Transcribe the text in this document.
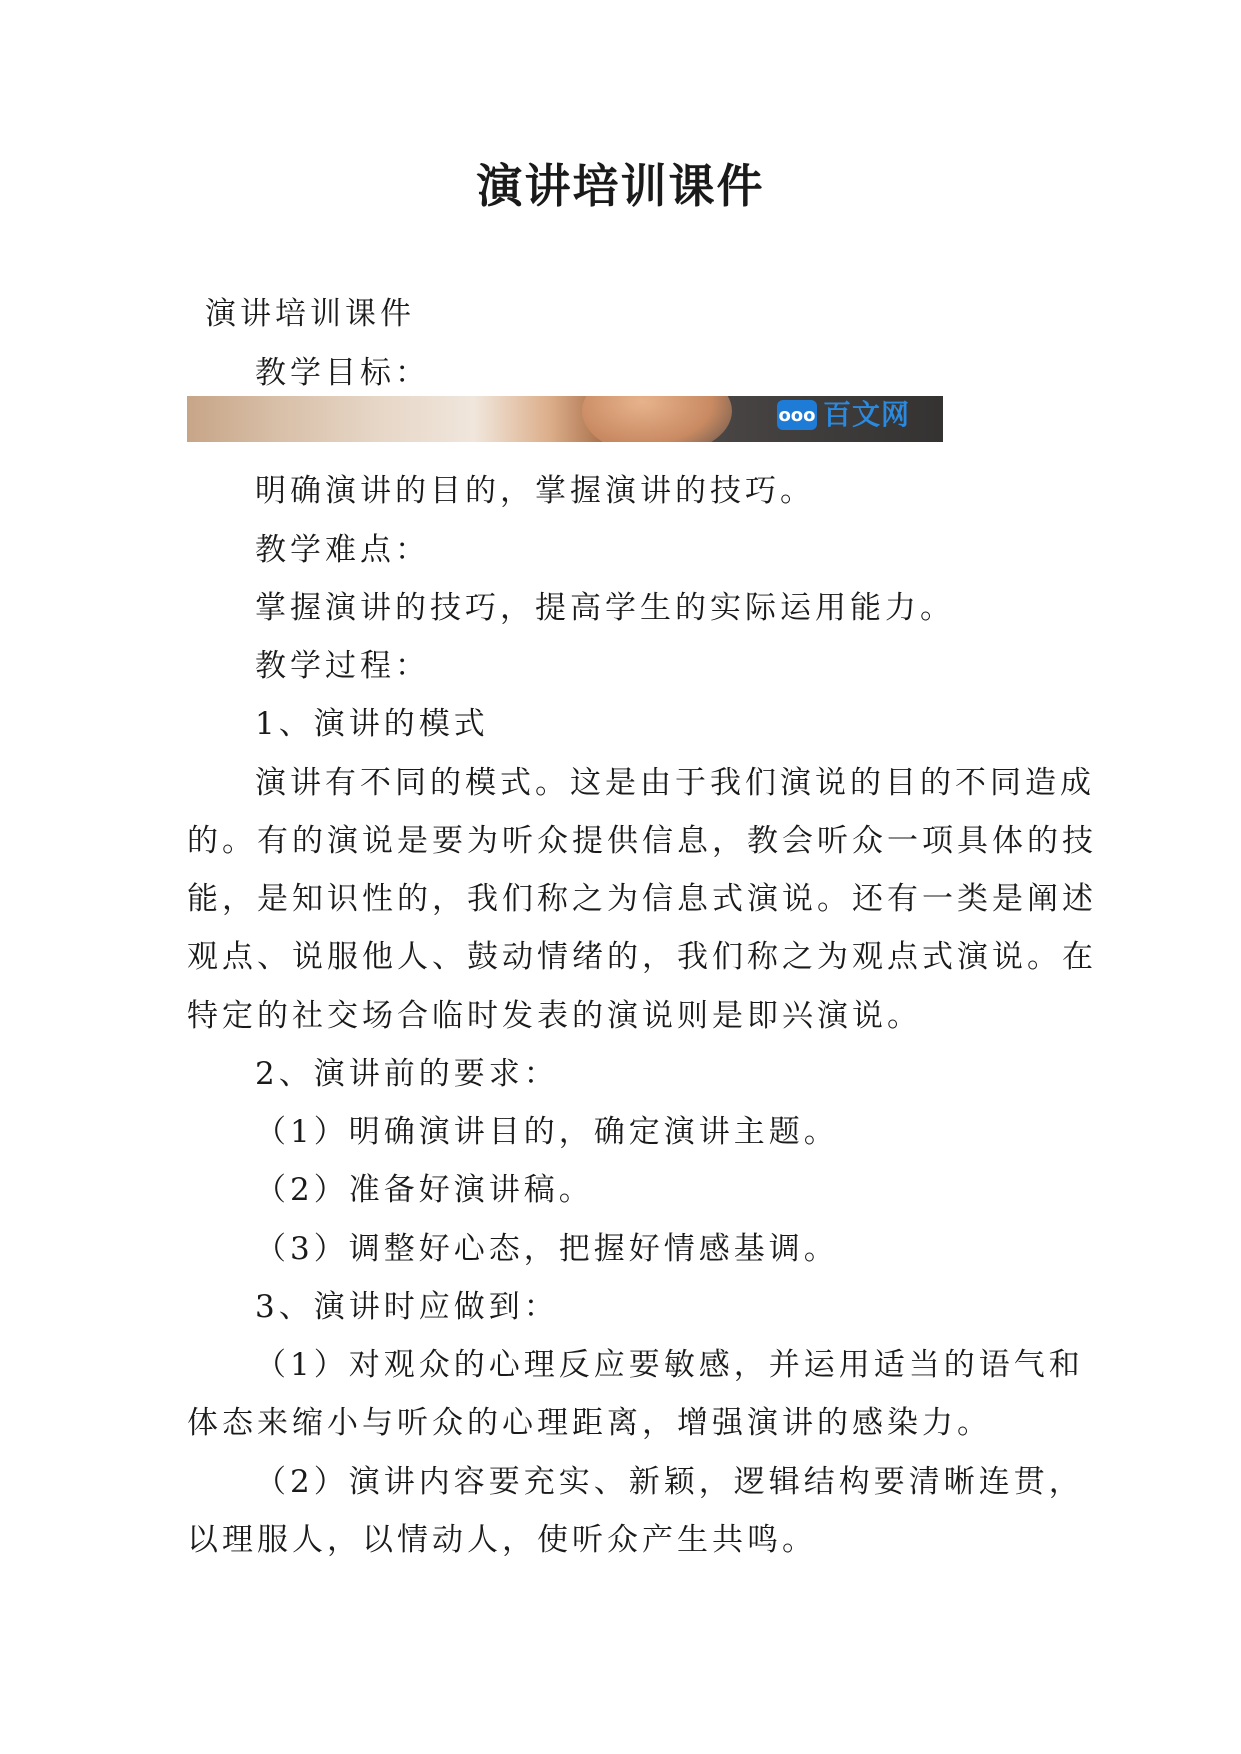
演讲培训课件
演讲培训课件
教学目标：
ooo 百文网
明确演讲的目的，掌握演讲的技巧。
教学难点：
掌握演讲的技巧，提高学生的实际运用能力。
教学过程：
1、演讲的模式
演讲有不同的模式。这是由于我们演说的目的不同造成
的。有的演说是要为听众提供信息，教会听众一项具体的技
能，是知识性的，我们称之为信息式演说。还有一类是阐述
观点、说服他人、鼓动情绪的，我们称之为观点式演说。在
特定的社交场合临时发表的演说则是即兴演说。
2、演讲前的要求：
（1）明确演讲目的，确定演讲主题。
（2）准备好演讲稿。
（3）调整好心态，把握好情感基调。
3、演讲时应做到：
（1）对观众的心理反应要敏感，并运用适当的语气和
体态来缩小与听众的心理距离，增强演讲的感染力。
（2）演讲内容要充实、新颖，逻辑结构要清晰连贯，
以理服人，以情动人，使听众产生共鸣。
